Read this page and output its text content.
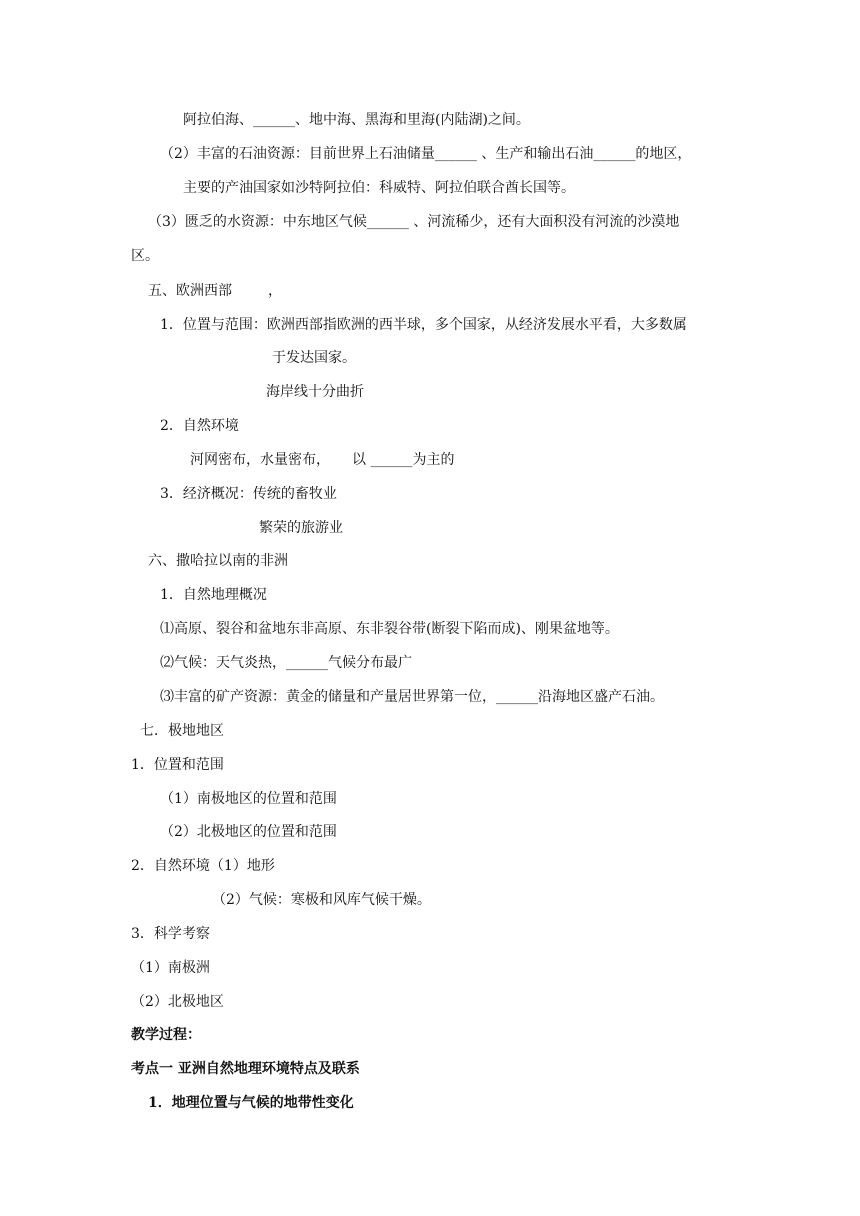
阿拉伯海、______、地中海、黑海和里海(内陆湖)之间。
（2）丰富的石油资源：目前世界上石油储量______ 、生产和输出石油______的地区，
主要的产油国家如沙特阿拉伯：科威特、阿拉伯联合酋长国等。
（3）匮乏的水资源：中东地区气候______ 、河流稀少，还有大面积没有河流的沙漠地
区。
五、欧洲西部	，
1．位置与范围：欧洲西部指欧洲的西半球，多个国家，从经济发展水平看，大多数属
于发达国家。
海岸线十分曲折
2．自然环境
河网密布，水量密布， 以 ______为主的
3．经济概况：传统的畜牧业
繁荣的旅游业
六、撒哈拉以南的非洲
1．自然地理概况
⑴高原、裂谷和盆地东非高原、东非裂谷带(断裂下陷而成)、刚果盆地等。
⑵气候：天气炎热，______气候分布最广
⑶丰富的矿产资源：黄金的储量和产量居世界第一位，______沿海地区盛产石油。
七．极地地区
1．位置和范围
（1）南极地区的位置和范围
（2）北极地区的位置和范围
2．自然环境（1）地形
（2）气候：寒极和风库气候干燥。
3．科学考察
（1）南极洲
（2）北极地区
教学过程：
考点一 亚洲自然地理环境特点及联系
1．地理位置与气候的地带性变化
